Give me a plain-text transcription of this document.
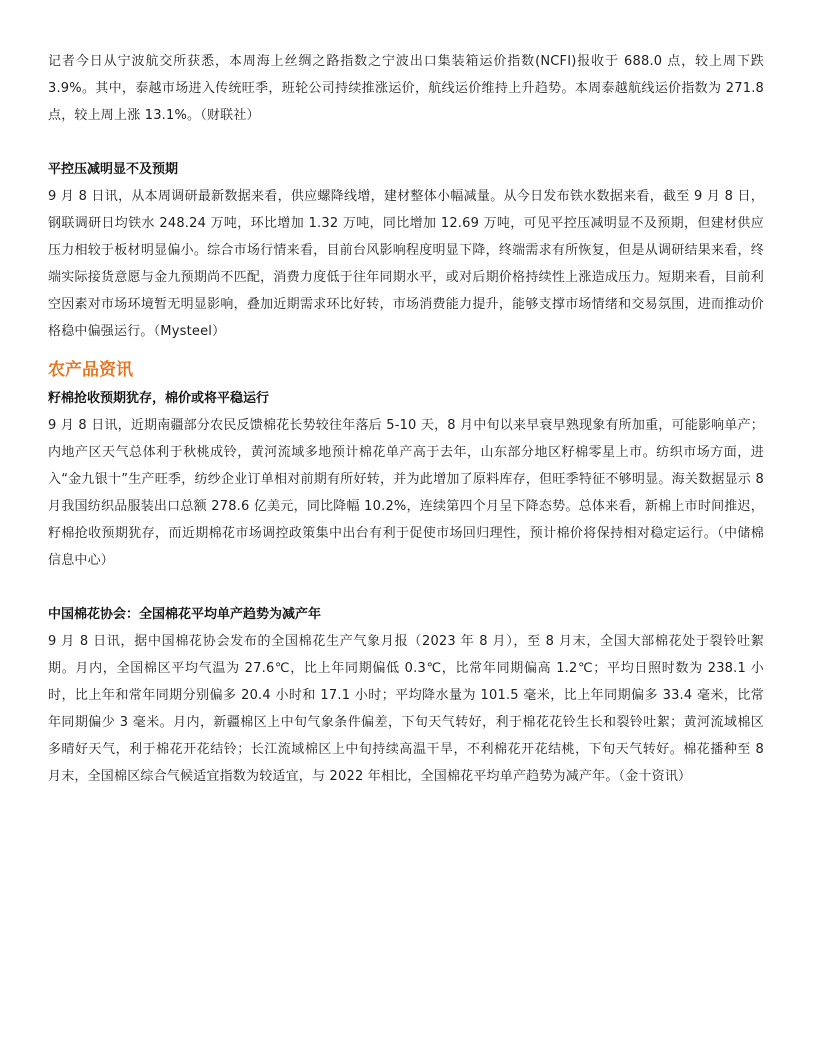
记者今日从宁波航交所获悉，本周海上丝绸之路指数之宁波出口集装箱运价指数(NCFI)报收于 688.0 点，较上周下跌 3.9%。其中，泰越市场进入传统旺季，班轮公司持续推涨运价，航线运价维持上升趋势。本周泰越航线运价指数为 271.8 点，较上周上涨 13.1%。（财联社）

平控压减明显不及预期

9 月 8 日讯，从本周调研最新数据来看，供应螺降线增，建材整体小幅减量。从今日发布铁水数据来看，截至 9 月 8 日，钢联调研日均铁水 248.24 万吨，环比增加 1.32 万吨，同比增加 12.69 万吨，可见平控压减明显不及预期，但建材供应压力相较于板材明显偏小。综合市场行情来看，目前台风影响程度明显下降，终端需求有所恢复，但是从调研结果来看，终端实际接货意愿与金九预期尚不匹配，消费力度低于往年同期水平，或对后期价格持续性上涨造成压力。短期来看，目前利空因素对市场环境暂无明显影响，叠加近期需求环比好转，市场消费能力提升，能够支撑市场情绪和交易氛围，进而推动价格稳中偏强运行。（Mysteel）

农产品资讯
籽棉抢收预期犹存，棉价或将平稳运行

9 月 8 日讯，近期南疆部分农民反馈棉花长势较往年落后 5-10 天，8 月中旬以来早衰早熟现象有所加重，可能影响单产；内地产区天气总体利于秋桃成铃，黄河流域多地预计棉花单产高于去年，山东部分地区籽棉零星上市。纺织市场方面，进入“金九银十”生产旺季，纺纱企业订单相对前期有所好转，并为此增加了原料库存，但旺季特征不够明显。海关数据显示 8 月我国纺织品服装出口总额 278.6 亿美元，同比降幅 10.2%，连续第四个月呈下降态势。总体来看，新棉上市时间推迟，籽棉抢收预期犹存，而近期棉花市场调控政策集中出台有利于促使市场回归理性，预计棉价将保持相对稳定运行。（中储棉信息中心）

中国棉花协会：全国棉花平均单产趋势为减产年

9 月 8 日讯，据中国棉花协会发布的全国棉花生产气象月报（2023 年 8 月），至 8 月末，全国大部棉花处于裂铃吐絮期。月内，全国棉区平均气温为 27.6℃，比上年同期偏低 0.3℃，比常年同期偏高 1.2℃；平均日照时数为 238.1 小时，比上年和常年同期分别偏多 20.4 小时和 17.1 小时；平均降水量为 101.5 毫米，比上年同期偏多 33.4 毫米，比常年同期偏少 3 毫米。月内，新疆棉区上中旬气象条件偏差，下旬天气转好，利于棉花花铃生长和裂铃吐絮；黄河流域棉区多晴好天气，利于棉花开花结铃；长江流域棉区上中旬持续高温干旱，不利棉花开花结桃，下旬天气转好。棉花播种至 8 月末，全国棉区综合气候适宜指数为较适宜，与 2022 年相比，全国棉花平均单产趋势为减产年。（金十资讯）
